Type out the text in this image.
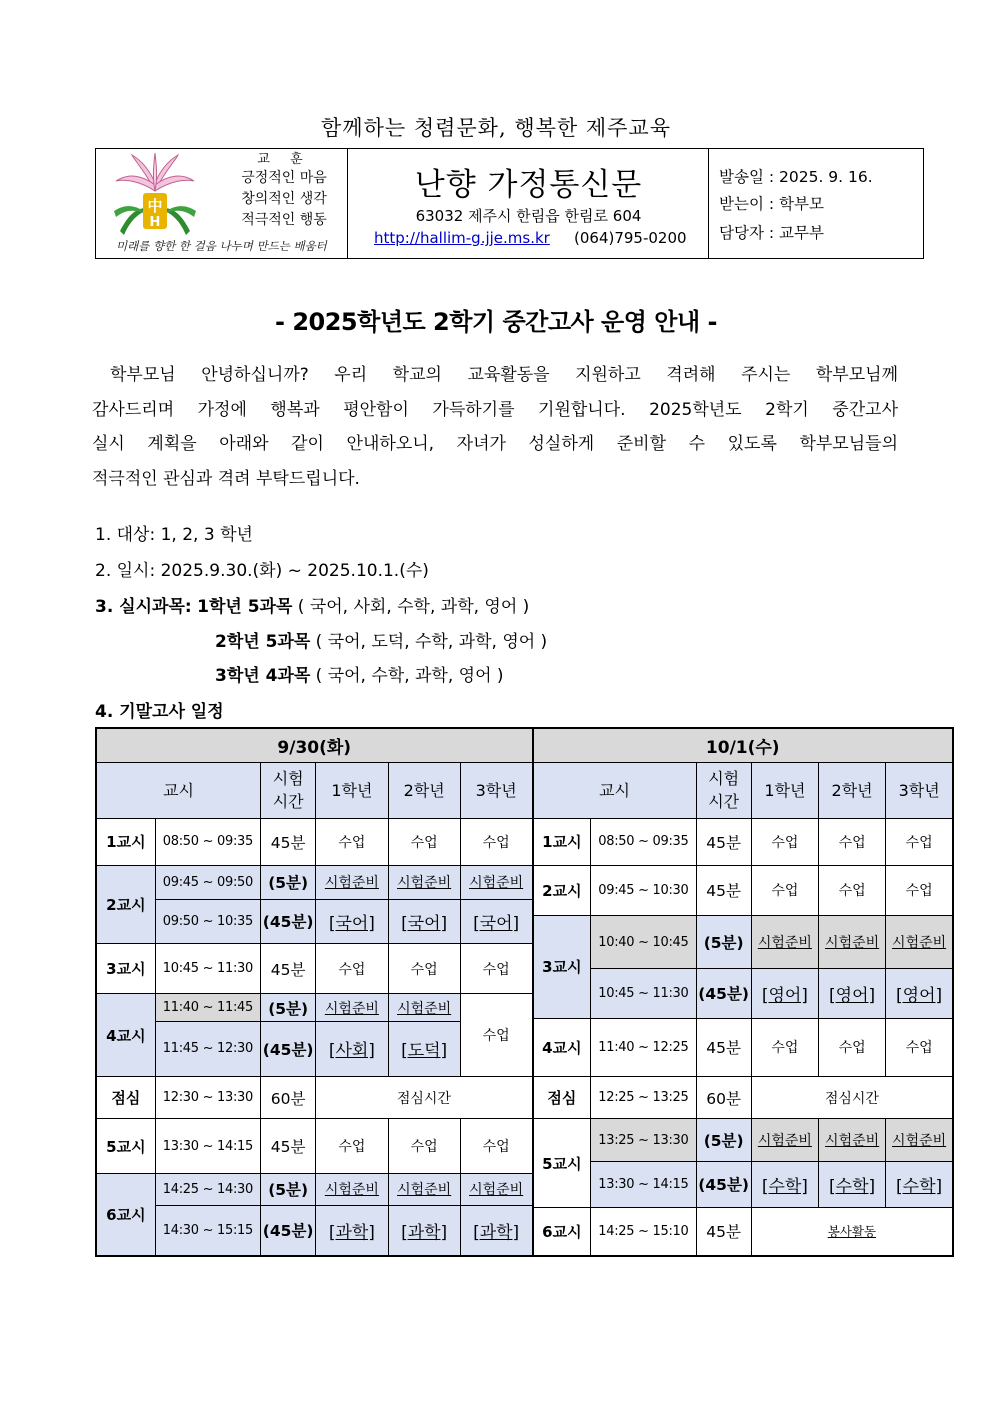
함께하는 청렴문화, 행복한 제주교육
中
H
교 훈
긍정적인 마음
창의적인 생각
적극적인 행동
미래를 향한 한 걸음 나누며 만드는 배움터
난향 가정통신문
63032 제주시 한림읍 한림로 604
http://hallim-g.jje.ms.kr (064)795-0200
발송일 : 2025. 9. 16.
받는이 : 학부모
담당자 : 교무부
- 2025학년도 2학기 중간고사 운영 안내 -
학부모님 안녕하십니까? 우리 학교의 교육활동을 지원하고 격려해 주시는 학부모님께
감사드리며 가정에 행복과 평안함이 가득하기를 기원합니다. 2025학년도 2학기 중간고사
실시 계획을 아래와 같이 안내하오니, 자녀가 성실하게 준비할 수 있도록 학부모님들의
적극적인 관심과 격려 부탁드립니다.
1. 대상: 1, 2, 3 학년
2. 일시: 2025.9.30.(화) ~ 2025.10.1.(수)
3. 실시과목: 1학년 5과목 ( 국어, 사회, 수학, 과학, 영어 )
2학년 5과목 ( 국어, 도덕, 수학, 과학, 영어 )
3학년 4과목 ( 국어, 수학, 과학, 영어 )
4. 기말고사 일정
9/30(화)						10/1(수)					
교시		시험
시간	1학년	2학년	3학년	교시		시험
시간	1학년	2학년	3학년
1교시	08:50 ~ 09:35	45분	수업	수업	수업	1교시	08:50 ~ 09:35	45분	수업	수업	수업

2교시	09:45 ~ 09:50	(5분)	시험준비	시험준비	시험준비	2교시	09:45 ~ 10:30	45분	수업	수업	수업

	09:50 ~ 10:35	(45분)	[국어]	[국어]	[국어]						
						3교시	10:40 ~ 10:45	(5분)	시험준비	시험준비	시험준비
3교시	10:45 ~ 11:30	45분	수업	수업	수업						
							10:45 ~ 11:30	(45분)	[영어]	[영어]	[영어]
4교시	11:40 ~ 11:45	(5분)	시험준비	시험준비	수업						
						4교시	11:40 ~ 12:25	45분	수업	수업	수업
	11:45 ~ 12:30	(45분)	[사회]	[도덕]							

점심	12:30 ~ 13:30	60분	점심시간			점심	12:25 ~ 13:25	60분	점심시간		
5교시	13:30 ~ 14:15	45분	수업	수업	수업	5교시	13:25 ~ 13:30	(5분)	시험준비	시험준비	시험준비
							13:30 ~ 14:15	(45분)	[수학]	[수학]	[수학]
6교시	14:25 ~ 14:30	(5분)	시험준비	시험준비	시험준비						
	14:30 ~ 15:15	(45분)	[과학]	[과학]	[과학]						
						6교시	14:25 ~ 15:10	45분	봉사활동		
